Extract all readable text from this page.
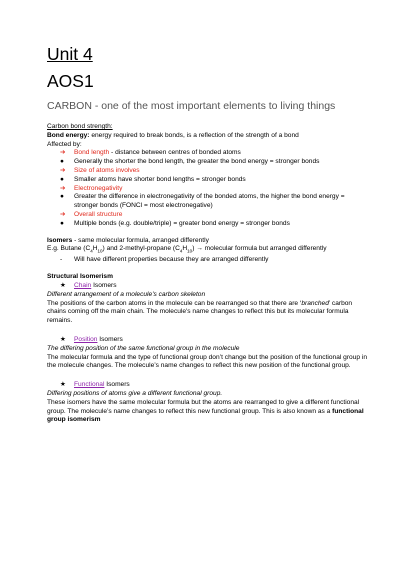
Unit 4
AOS1
CARBON - one of the most important elements to living things
Carbon bond strength:
Bond energy: energy required to break bonds, is a reflection of the strength of a bond
Affected by:
➔	Bond length - distance between centres of bonded atoms
●	Generally the shorter the bond length, the greater the bond energy = stronger bonds
➔	Size of atoms involves
●	Smaller atoms have shorter bond lengths = stronger bonds
➔	Electronegativity
●	Greater the difference in electronegativity of the bonded atoms, the higher the bond energy = stronger bonds (FONCl = most electronegative)
➔	Overall structure
●	Multiple bonds (e.g. double/triple) = greater bond energy = stronger bonds
Isomers - same molecular formula, arranged differently
E.g. Butane $(C_4H_{10})$ and 2-methyl-propane $(C_4H_{10})$ → molecular formula but arranged differently
-	Will have different properties because they are arranged differently
Structural Isomerism
★	Chain Isomers
Different arrangement of a molecule's carbon skeleton
The positions of the carbon atoms in the molecule can be rearranged so that there are ‘branched’ carbon chains coming off the main chain. The molecule's name changes to reflect this but its molecular formula remains.
★	Position Isomers
The differing position of the same functional group in the molecule
The molecular formula and the type of functional group don’t change but the position of the functional group in the molecule changes. The molecule’s name changes to reflect this new position of the functional group.
★	Functional Isomers
Differing positions of atoms give a different functional group.
These isomers have the same molecular formula but the atoms are rearranged to give a different functional group. The molecule’s name changes to reflect this new functional group. This is also known as a functional group isomerism
